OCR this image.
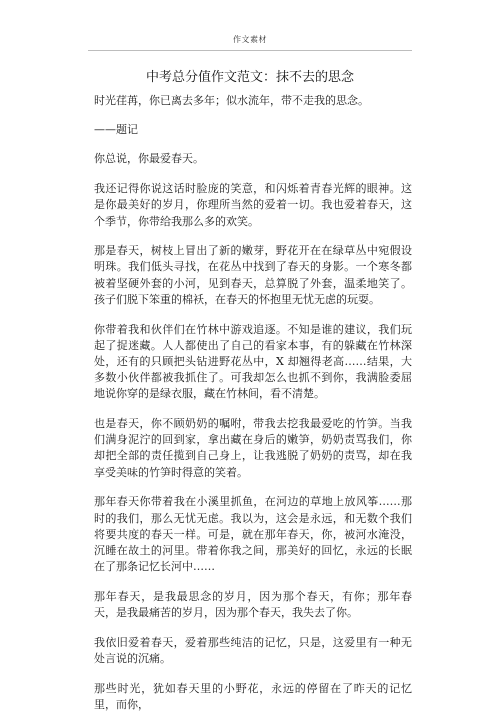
作文素材
中考总分值作文范文：抹不去的思念

时光荏苒，你已离去多年；似水流年，带不走我的思念。

——题记

你总说，你最爱春天。

我还记得你说这话时脸庞的笑意，和闪烁着青春光辉的眼神。这是你最美好的岁月，你理所当然的爱着一切。我也爱着春天，这个季节，你带给我那么多的欢笑。

那是春天，树枝上冒出了新的嫩芽，野花开在在绿草丛中宛假设明珠。我们低头寻找，在花丛中找到了春天的身影。一个寒冬都被着坚硬外套的小河，见到春天，总算脱了外套，温柔地笑了。孩子们脱下笨重的棉袄，在春天的怀抱里无忧无虑的玩耍。

你带着我和伙伴们在竹林中游戏追逐。不知是谁的建议，我们玩起了捉迷藏。人人都使出了自己的看家本事，有的躲藏在竹林深处，还有的只顾把头钻进野花丛中，X 却翘得老高……结果，大多数小伙伴都被我抓住了。可我却怎么也抓不到你，我满脸委屈地说你穿的是绿衣服，藏在竹林间，看不清楚。

也是春天，你不顾奶奶的嘱咐，带我去挖我最爱吃的竹笋。当我们满身泥泞的回到家，拿出藏在身后的嫩笋，奶奶责骂我们，你却把全部的责任揽到自己身上，让我逃脱了奶奶的责骂，却在我享受美味的竹笋时得意的笑着。

那年春天你带着我在小溪里抓鱼，在河边的草地上放风筝……那时的我们，那么无忧无虑。我以为，这会是永远，和无数个我们将要共度的春天一样。可是，就在那年春天，你，被河水淹没，沉睡在故土的河里。带着你我之间，那美好的回忆，永远的长眠在了那条记忆长河中……

那年春天，是我最思念的岁月，因为那个春天，有你；那年春天，是我最痛苦的岁月，因为那个春天，我失去了你。

我依旧爱着春天，爱着那些纯洁的记忆，只是，这爱里有一种无处言说的沉痛。

那些时光，犹如春天里的小野花，永远的停留在了昨天的记忆里，而你，
